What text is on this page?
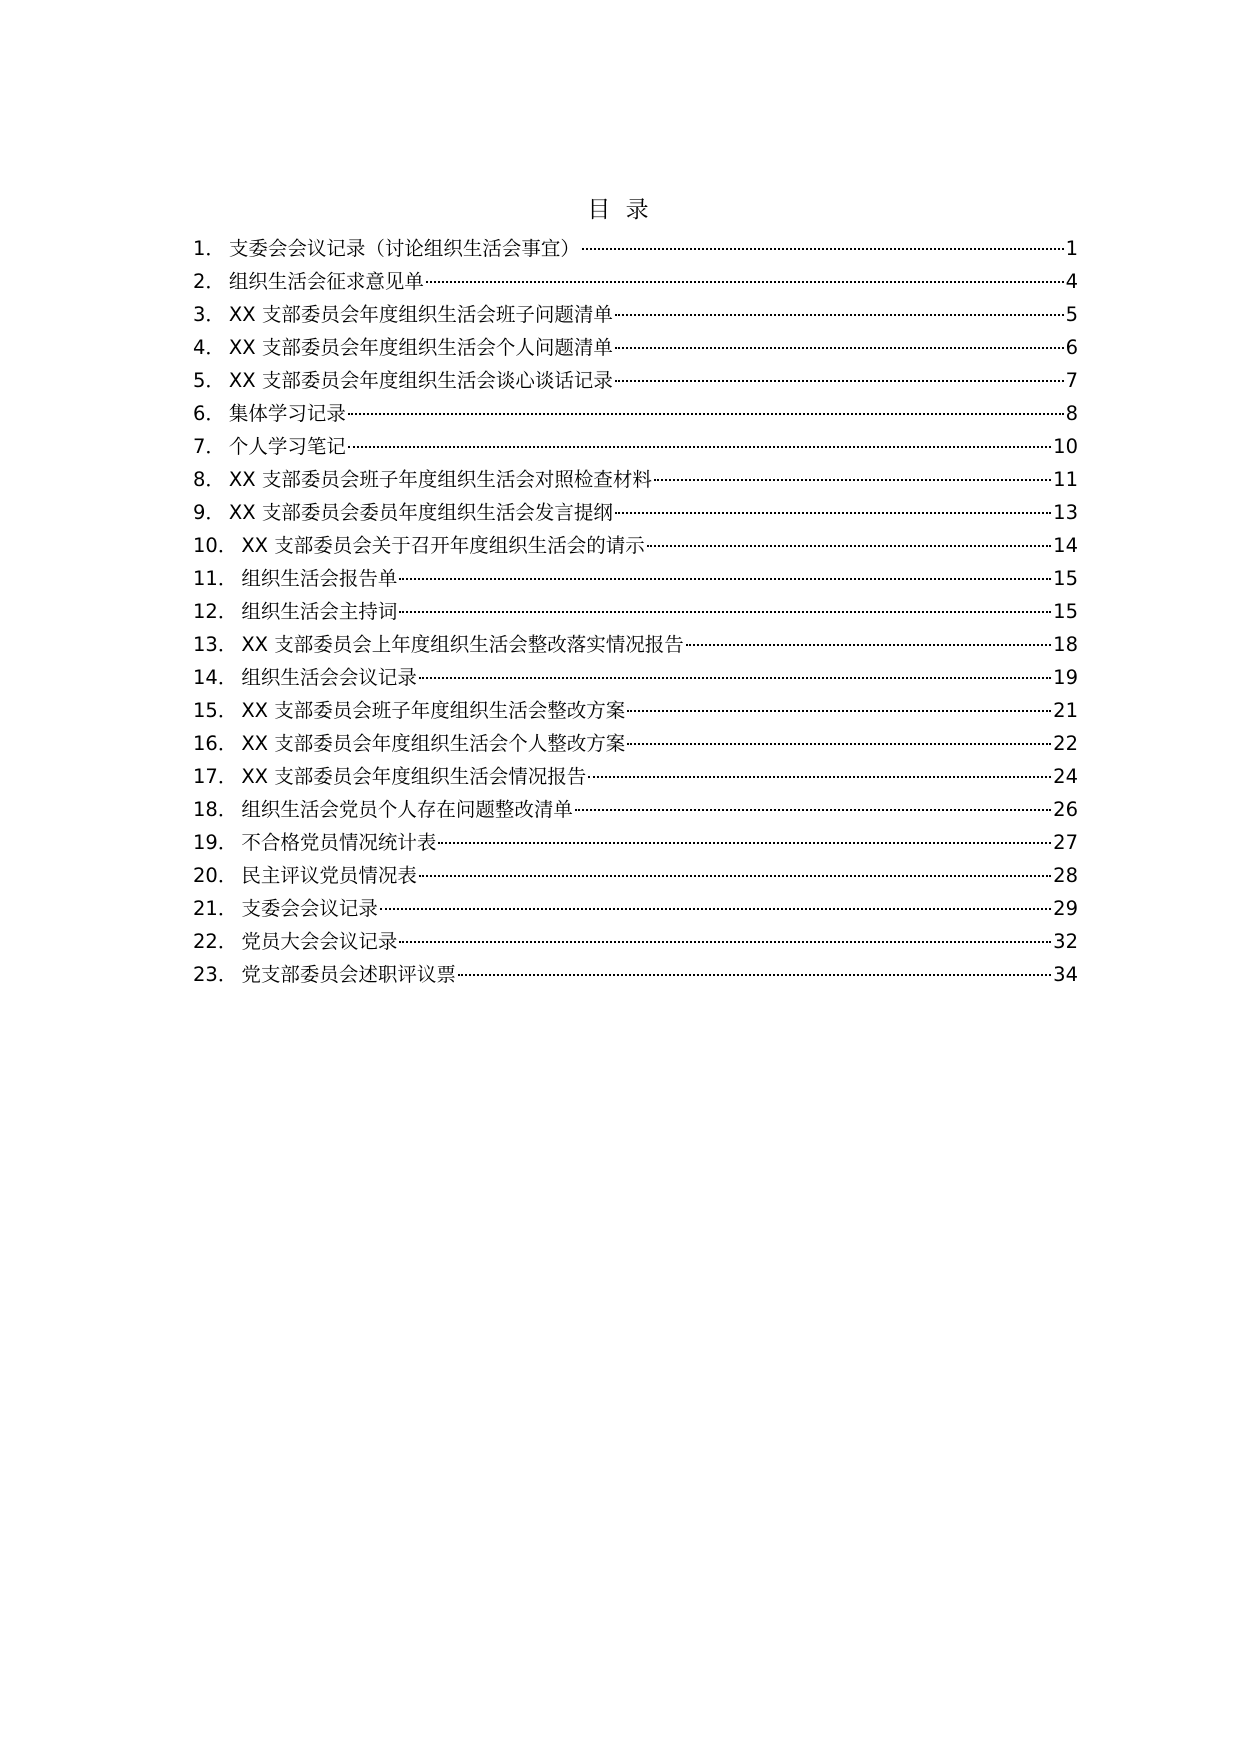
目 录
1． 支委会会议记录（讨论组织生活会事宜）	1
2． 组织生活会征求意见单	4
3． XX 支部委员会年度组织生活会班子问题清单	5
4． XX 支部委员会年度组织生活会个人问题清单	6
5． XX 支部委员会年度组织生活会谈心谈话记录	7
6． 集体学习记录	8
7． 个人学习笔记	10
8． XX 支部委员会班子年度组织生活会对照检查材料	11
9． XX 支部委员会委员年度组织生活会发言提纲	13
10． XX 支部委员会关于召开年度组织生活会的请示	14
11． 组织生活会报告单	15
12． 组织生活会主持词	15
13． XX 支部委员会上年度组织生活会整改落实情况报告	18
14． 组织生活会会议记录	19
15． XX 支部委员会班子年度组织生活会整改方案	21
16． XX 支部委员会年度组织生活会个人整改方案	22
17． XX 支部委员会年度组织生活会情况报告	24
18． 组织生活会党员个人存在问题整改清单	26
19． 不合格党员情况统计表	27
20． 民主评议党员情况表	28
21． 支委会会议记录	29
22． 党员大会会议记录	32
23． 党支部委员会述职评议票	34
